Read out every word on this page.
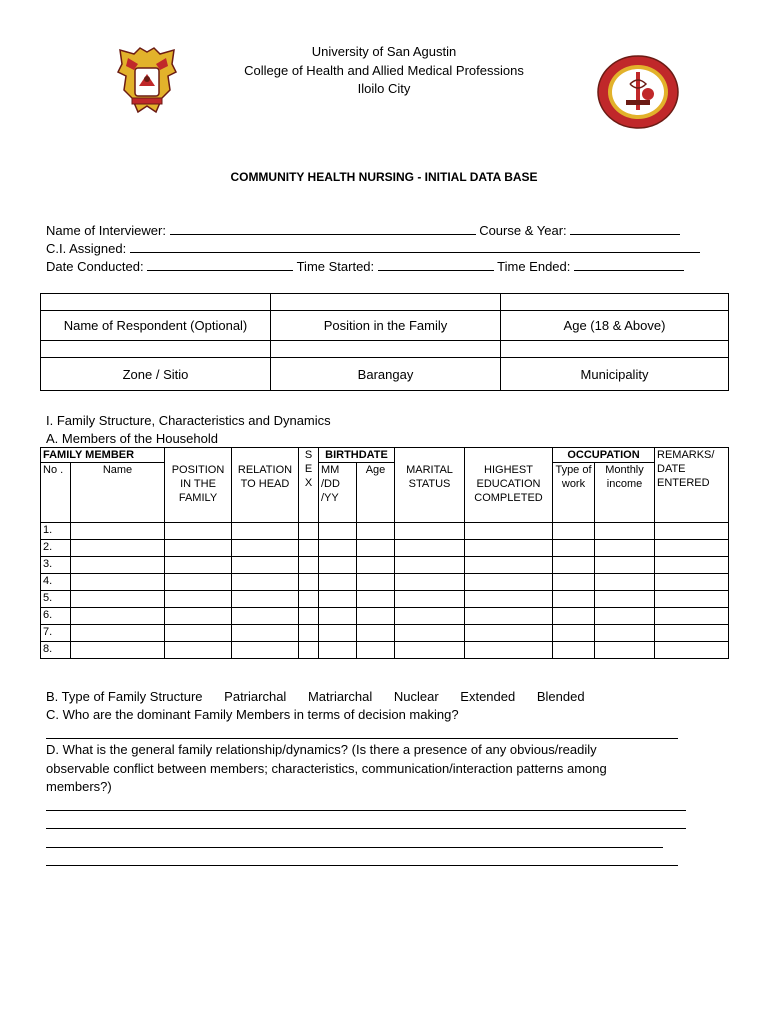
University of San Agustin
College of Health and Allied Medical Professions
Iloilo City
COMMUNITY HEALTH NURSING - INITIAL DATA BASE
Name of Interviewer:	Course & Year:
C.I. Assigned:
Date Conducted:	Time Started:	Time Ended:

Name of Respondent (Optional)	Position in the Family	Age (18 & Above)

Zone / Sitio	Barangay	Municipality
I. Family Structure, Characteristics and Dynamics
A. Members of the Household
FAMILY MEMBER		POSITION IN THE FAMILY	RELATION TO HEAD	S E X	BIRTHDATE		MARITAL STATUS	HIGHEST EDUCATION COMPLETED	OCCUPATION		REMARKS/ DATE ENTERED
No .	Name				MM /DD /YY	Age			Type of work	Monthly income	
1.											
2.											
3.											
4.											
5.											
6.											
7.											
8.											
B. Type of Family Structure Patriarchal Matriarchal Nuclear Extended Blended
C. Who are the dominant Family Members in terms of decision making?
D. What is the general family relationship/dynamics? (Is there a presence of any obvious/readily
observable conflict between members; characteristics, communication/interaction patterns among
members?)
